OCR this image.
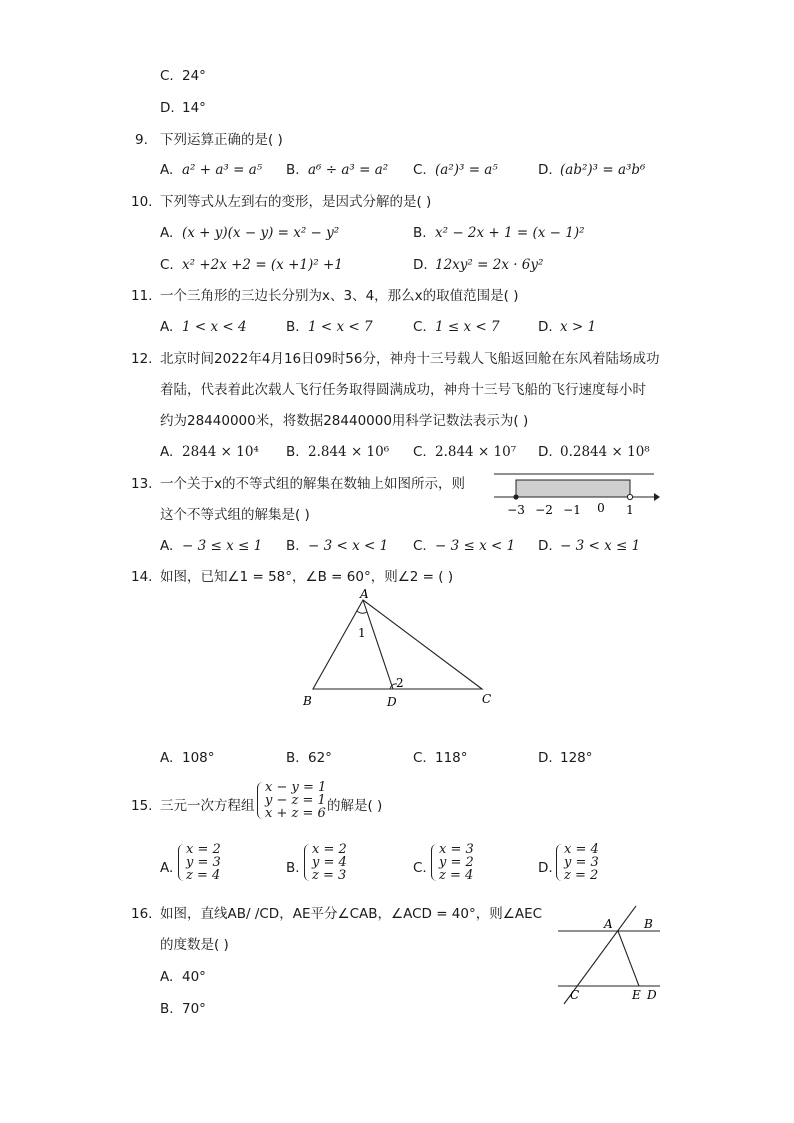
C. 24°
D. 14°
9. 下列运算正确的是( )
A. a² + a³ = a⁵ B. a⁶ ÷ a³ = a² C. (a²)³ = a⁵	D. (ab²)³ = a³b⁶
10. 下列等式从左到右的变形，是因式分解的是( )
A. (x + y)(x − y) = x² − y²	B. x² − 2x + 1 = (x − 1)²
C. x² +2x +2 = (x +1)² +1	D. 12xy² = 2x · 6y²
11. 一个三角形的三边长分别为x、3、4，那么x的取值范围是( )
A. 1 < x < 4	B. 1 < x < 7	C. 1 ≤ x < 7	D. x > 1
12. 北京时间2022年4月16日09时56分，神舟十三号载人飞船返回舱在东风着陆场成功
着陆，代表着此次载人飞行任务取得圆满成功，神舟十三号飞船的飞行速度每小时
约为28440000米，将数据28440000用科学记数法表示为( )
A. 2844 × 10⁴ B. 2.844 × 10⁶ C. 2.844 × 10⁷ D. 0.2844 × 10⁸
13. 一个关于x的不等式组的解集在数轴上如图所示，则
这个不等式组的解集是( )	−3 −2 −1 0 1
A. − 3 ≤ x ≤ 1 B. − 3 < x < 1 C. − 3 ≤ x < 1 D. − 3 < x ≤ 1
14. 如图，已知∠1 = 58°，∠B = 60°，则∠2 = ( )
A
B	C
D
1
2
A. 108°	B. 62°	C. 118°	D. 128°
15. 三元一次方程组
x − y = 1
y − z = 1
x + z = 6 的解是( )
A.
x = 2
y = 3
z = 4	B.
x = 2
y = 4
z = 3	C.
x = 3
y = 2
z = 4	D.
x = 4
y = 3
z = 2
16. 如图，直线AB/ /CD，AE平分∠CAB，∠ACD = 40°，则∠AEC
的度数是( )
A. 40°
B. 70°
A	B
C	E D
